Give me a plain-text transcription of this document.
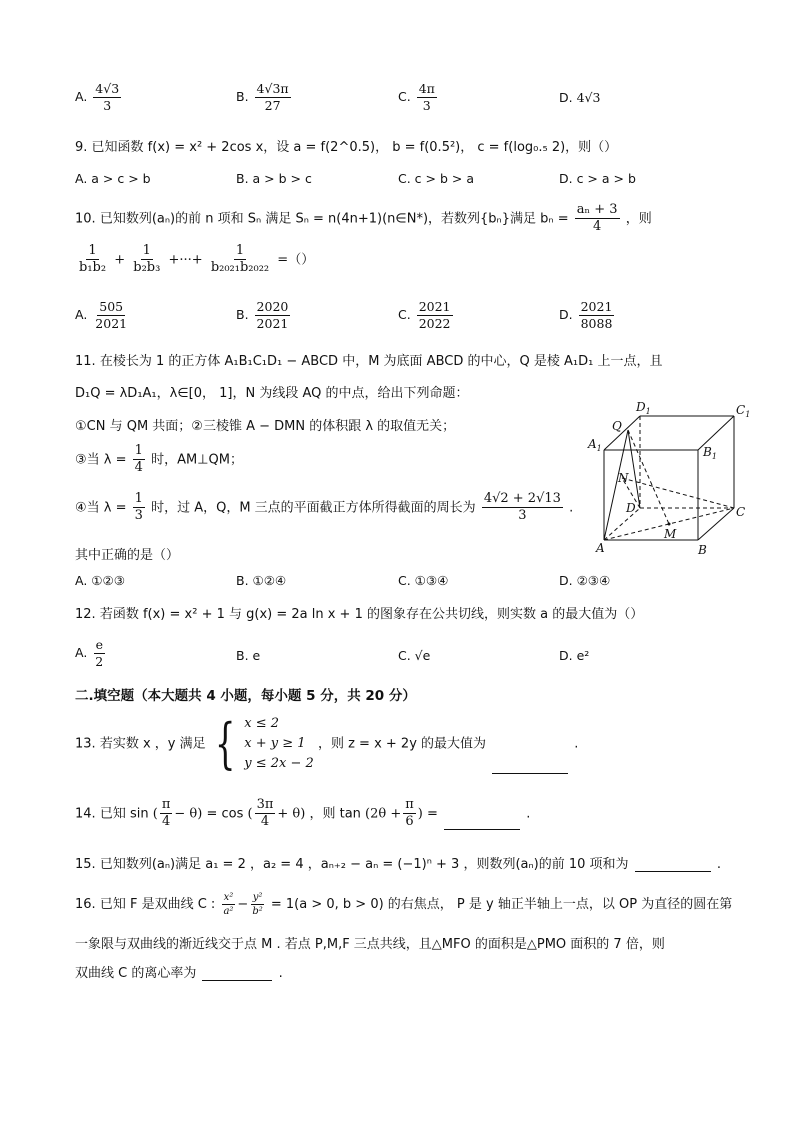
A. $\frac{4√3}{3}$	B. $\frac{4√3\pi}{27}$	C. $\frac{4\pi}{3}$	D. 4√3
9. 已知函数 f(x) = x² + 2cos x，设 a = f(2^0.5)， b = f(0.5²)， c = f(log₀.₅ 2)，则（）
A. a > c > b	B. a > b > c	C. c > b > a	D. c > a > b
10. 已知数列(aₙ)的前 n 项和 Sₙ 满足 Sₙ = n(4n+1)(n∈N*)，若数列{bₙ}满足 $b_n = \frac{\text{aₙ + 3}}{4}$ ，则
$\frac{1}{\text{b₁b₂}} + \frac{1}{\text{b₂b₃}}$ +···+ $\frac{1}{\text{b₂₀₂₁b₂₀₂₂}}$ =（）
A. $\frac{505}{2021}$	B. $\frac{2020}{2021}$	C. $\frac{2021}{2022}$	D. $\frac{2021}{8088}$
11. 在棱长为 1 的正方体 A₁B₁C₁D₁ − ABCD 中，M 为底面 ABCD 的中心，Q 是棱 A₁D₁ 上一点，且
D₁Q = λD₁A₁，λ∈[0， 1]，N 为线段 AQ 的中点，给出下列命题：
①CN 与 QM 共面；②三棱锥 A − DMN 的体积跟 λ 的取值无关；
③当 $\lambda = \frac{1}{4}$ 时，AM⊥QM；
④当 $\lambda = \frac{1}{3}$ 时，过 A，Q，M 三点的平面截正方体所得截面的周长为 $\frac{4√2 + 2√13}{3}$ .
其中正确的是（）
A. ①②③	B. ①②④	C. ①③④	D. ②③④
$D_1$	$C_1$
$A_1$	$B_1$
Q
N
D	C
A	B
M
12. 若函数 f(x) = x² + 1 与 g(x) = 2a ln x + 1 的图象存在公共切线，则实数 a 的最大值为（）
A. $\frac{e}{2}$	B. e	C. √e	D. e²
二.填空题（本大题共 4 小题，每小题 5 分，共 20 分）
13. 若实数 x ，y 满足 { x ≤ 2
x + y ≥ 1
y ≤ 2x − 2
，则 z = x + 2y 的最大值为	.
14. 已知 sin ( $\frac{\pi}{4} - \theta) = \cos$ ( $\frac{3\pi}{4} + \theta$) ，则 $\tan (2\theta + \frac{\pi}{6}$ ) =	.
15. 已知数列(aₙ)满足 a₁ = 2 ，a₂ = 4 ，aₙ₊₂ − aₙ = (−1)ⁿ + 3 ，则数列(aₙ)的前 10 项和为	.
16. 已知 F 是双曲线 C : $\frac{\text{x²}}{\text{a²}} - \frac{\text{y²}}{\text{b²}} = 1(a > 0$, b > 0) 的右焦点， P 是 y 轴正半轴上一点，以 OP 为直径的圆在第
一象限与双曲线的渐近线交于点 M . 若点 P,M,F 三点共线，且△MFO 的面积是△PMO 面积的 7 倍，则
双曲线 C 的离心率为	.
